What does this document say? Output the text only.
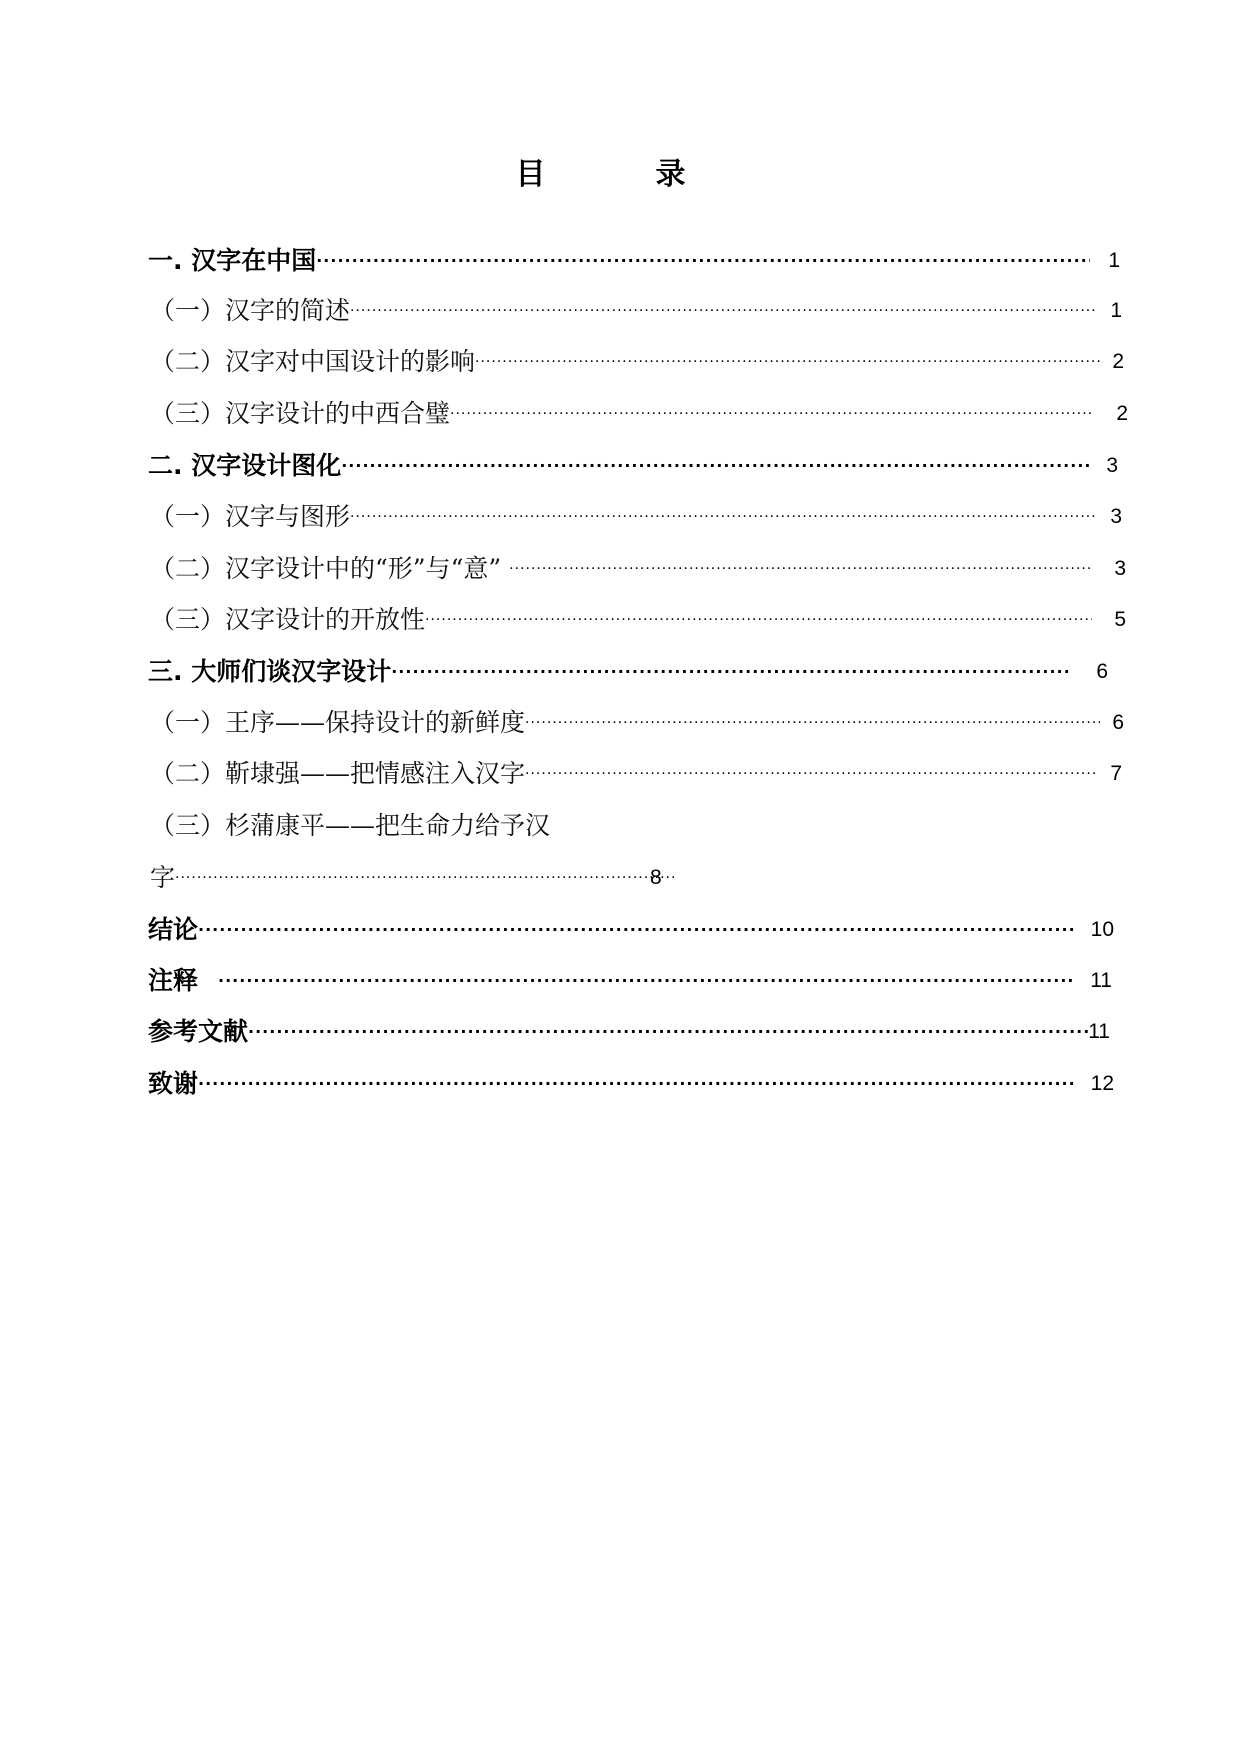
目　录
一. 汉字在中国 ·····	1
（一）汉字的简述 ·····	1
（二）汉字对中国设计的影响 ·····	2
（三）汉字设计的中西合璧 ·····	2
二. 汉字设计图化 ·····	3
（一）汉字与图形 ·····	3
（二）汉字设计中的“形”与“意” ·····	3
（三）汉字设计的开放性 ·····	5
三. 大师们谈汉字设计 ·····	6
（一）王序——保持设计的新鲜度 ·····	6
（二）靳埭强——把情感注入汉字 ·····	7
（三）杉蒲康平——把生命力给予汉
字 ·····	8
结论 ·····	10
注释 ·····	11
参考文献 ·····	11
致谢 ·····	12
